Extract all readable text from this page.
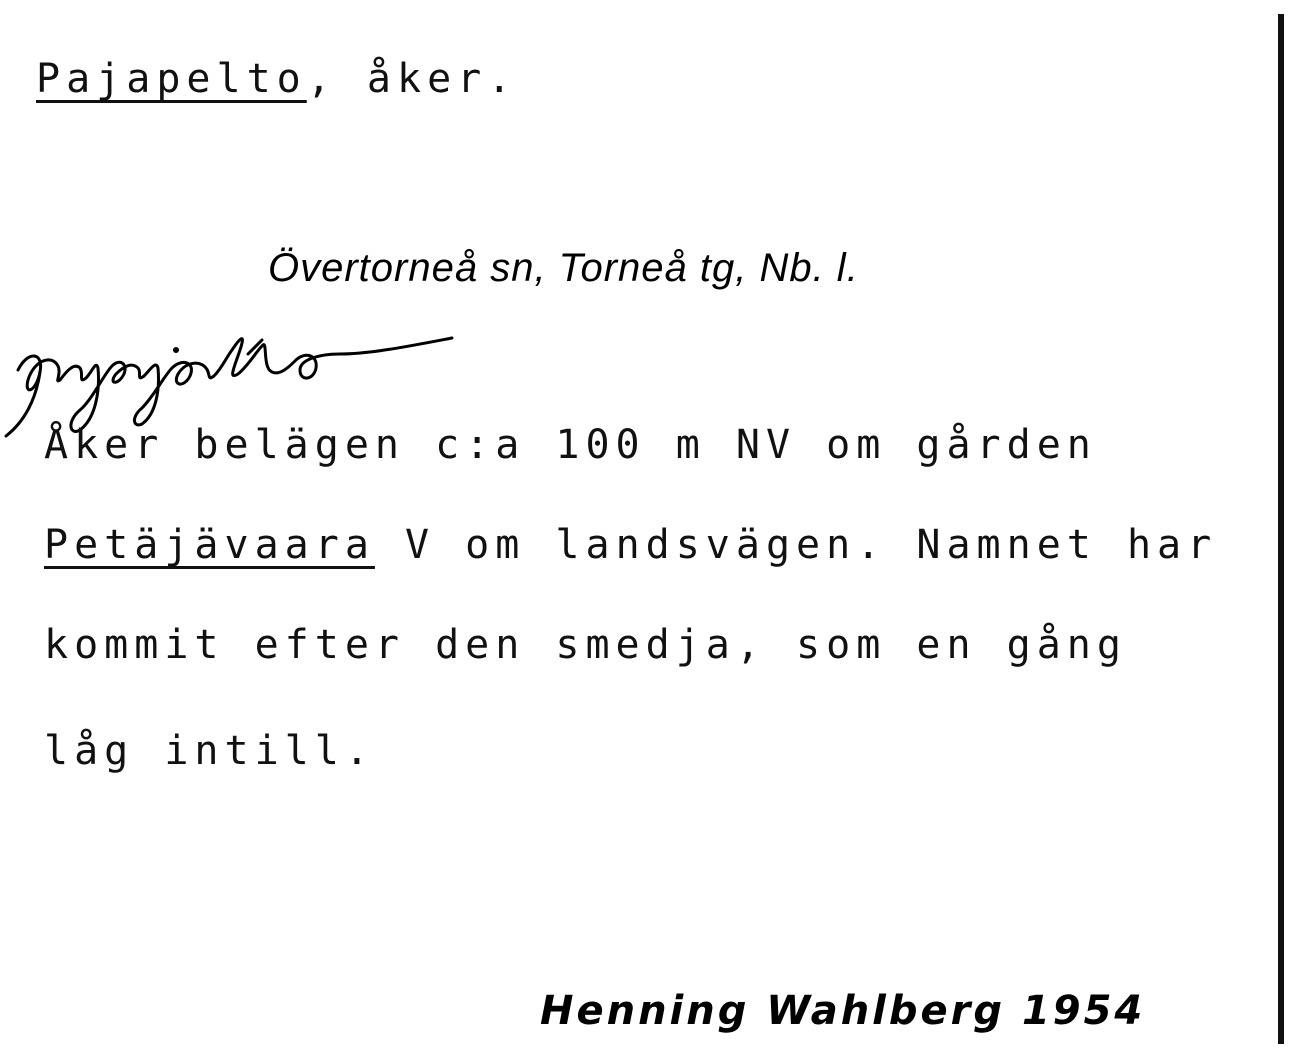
Pajapelto, åker.
Övertorneå sn, Torneå tg, Nb. l.
Åker belägen c:a 100 m NV om gården
Petäjävaara V om landsvägen. Namnet har
kommit efter den smedja, som en gång
låg intill.
Henning Wahlberg 1954
